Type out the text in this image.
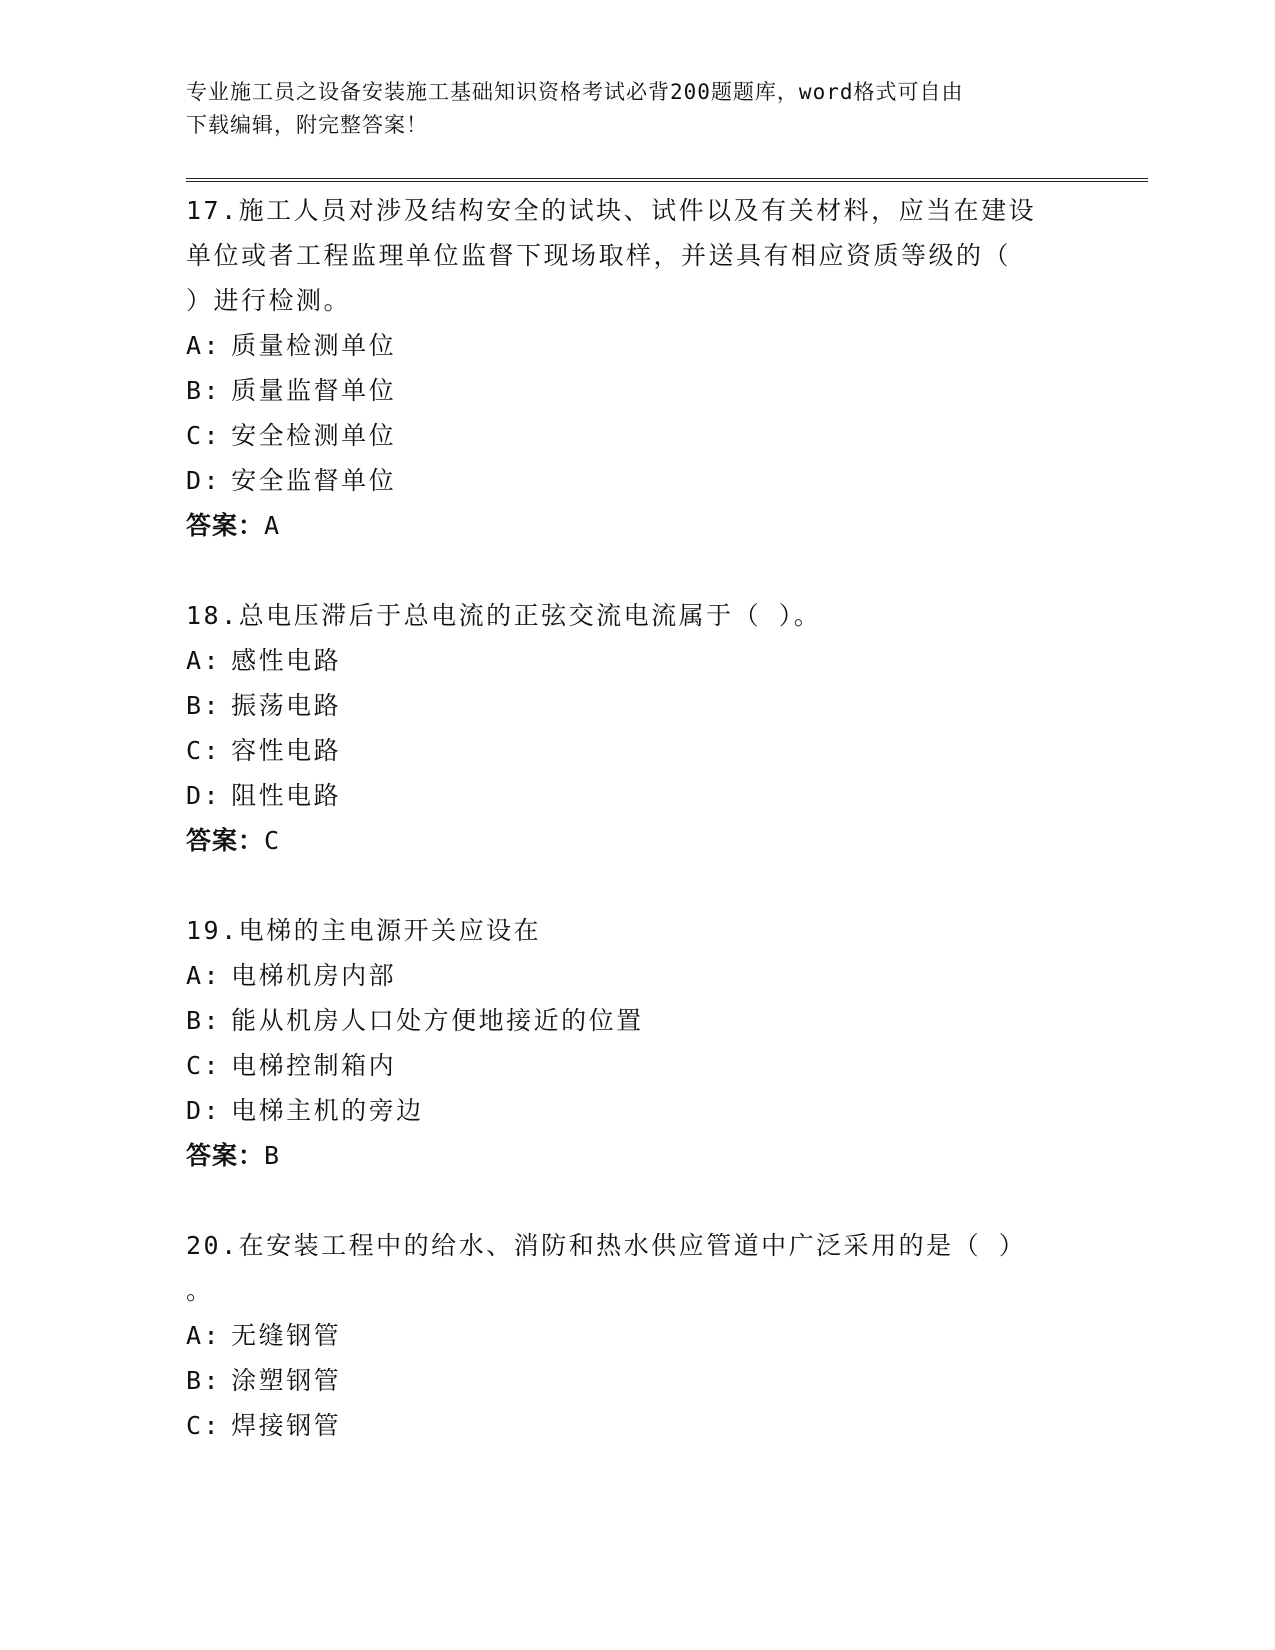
专业施工员之设备安装施工基础知识资格考试必背200题题库，word格式可自由
下载编辑，附完整答案！
17.施工人员对涉及结构安全的试块、试件以及有关材料，应当在建设
单位或者工程监理单位监督下现场取样，并送具有相应资质等级的（
）进行检测。
A: 质量检测单位
B: 质量监督单位
C: 安全检测单位
D: 安全监督单位
答案：A
18.总电压滞后于总电流的正弦交流电流属于（ ）。
A: 感性电路
B: 振荡电路
C: 容性电路
D: 阻性电路
答案：C
19.电梯的主电源开关应设在
A: 电梯机房内部
B: 能从机房人口处方便地接近的位置
C: 电梯控制箱内
D: 电梯主机的旁边
答案：B
20.在安装工程中的给水、消防和热水供应管道中广泛采用的是（ ）
。
A: 无缝钢管
B: 涂塑钢管
C: 焊接钢管
